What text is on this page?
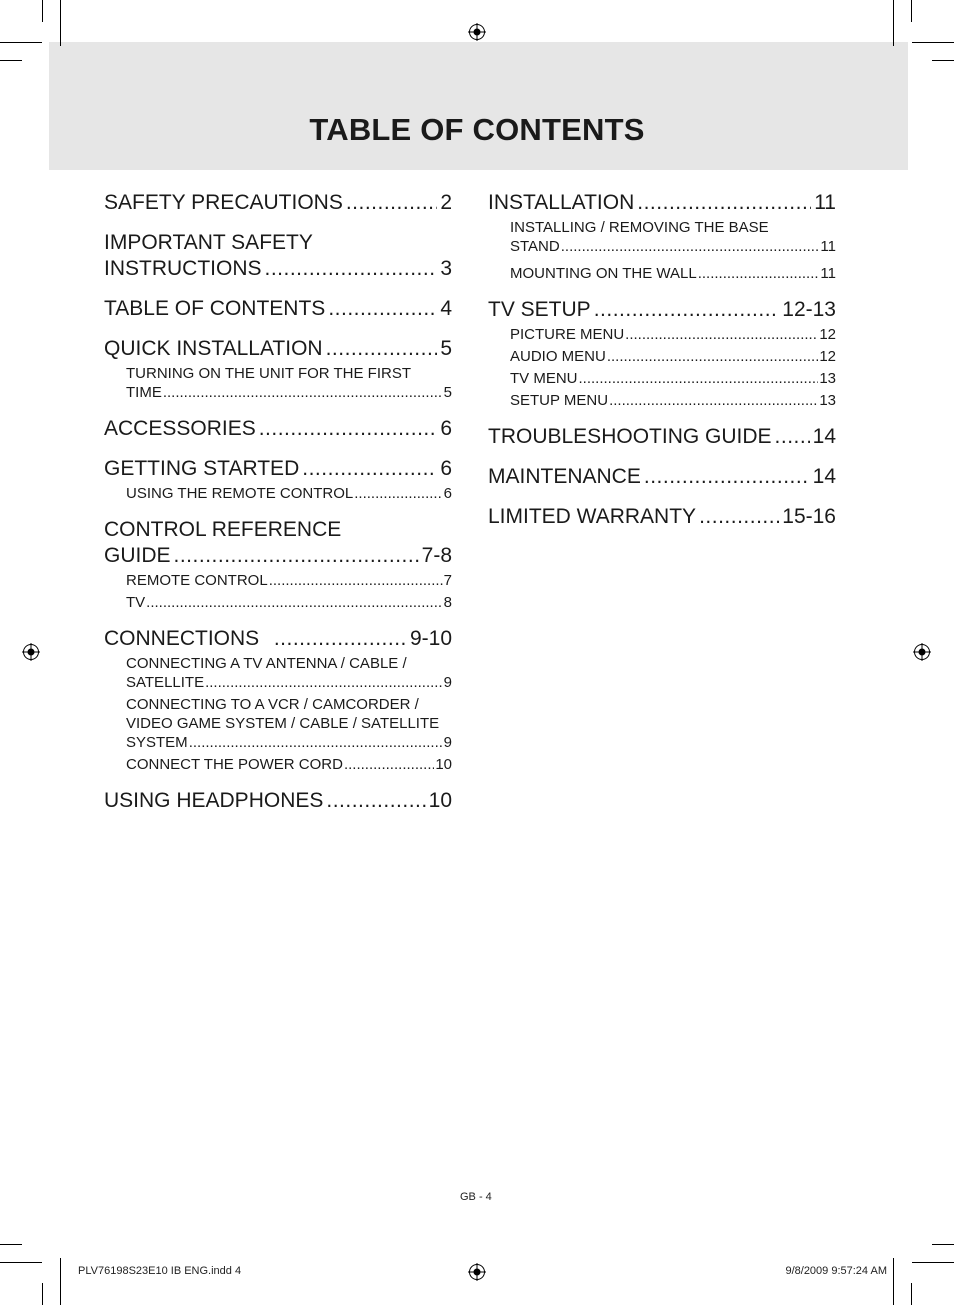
TABLE OF CONTENTS
SAFETY PRECAUTIONS .....	2
IMPORTANT SAFETY
INSTRUCTIONS .....	3
TABLE OF CONTENTS .....	4
QUICK INSTALLATION .....	5
TURNING ON THE UNIT FOR THE FIRST
TIME .....	5
ACCESSORIES .....	6
GETTING STARTED .....	6
USING THE REMOTE CONTROL .....	6
CONTROL REFERENCE
GUIDE .....	7-8
REMOTE CONTROL .....	7
TV .....	8
CONNECTIONS .....	9-10
CONNECTING A TV ANTENNA / CABLE /
SATELLITE .....	9
CONNECTING TO A VCR / CAMCORDER /
VIDEO GAME SYSTEM / CABLE / SATELLITE
SYSTEM .....	9
CONNECT THE POWER CORD .....	10
USING HEADPHONES .....	10
INSTALLATION .....	11
INSTALLING / REMOVING THE BASE
STAND .....	11
MOUNTING ON THE WALL .....	11
TV SETUP .....	12-13
PICTURE MENU .....	12
AUDIO MENU .....	12
TV MENU .....	13
SETUP MENU .....	13
TROUBLESHOOTING GUIDE ..... 14
MAINTENANCE .....	14
LIMITED WARRANTY .....	15-16
GB - 4
PLV76198S23E10 IB ENG.indd 4	9/8/2009 9:57:24 AM
